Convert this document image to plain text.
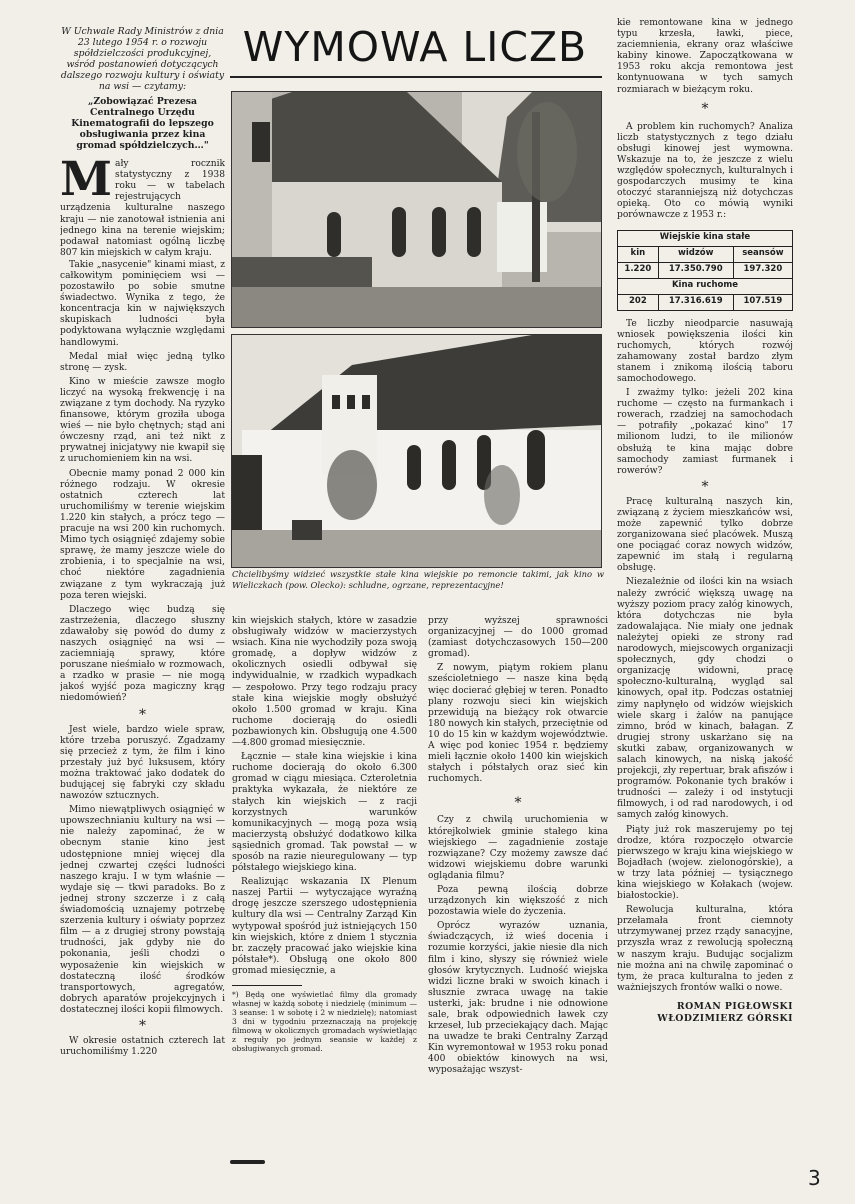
WYMOWA LICZB
W Uchwale Rady Ministrów z dnia 23 lutego 1954 r. o rozwoju spółdzielczości produkcyjnej, wśród postanowień dotyczących dalszego rozwoju kultury i oświaty na wsi — czytamy:
„Zobowiązać Prezesa Centralnego Urzędu Kinematografii do lepszego obsługiwania przez kina gromad spółdzielczych…"

Mały rocznik statystyczny z 1938 roku — w tabelach rejestrujących urządzenia kulturalne naszego kraju — nie zanotował istnienia ani jednego kina na terenie wiejskim; podawał natomiast ogólną liczbę 807 kin miejskich w całym kraju.

Takie „nasycenie" kinami miast, z całkowitym pominięciem wsi — pozostawiło po sobie smutne świadectwo. Wynika z tego, że koncentracja kin w największych skupiskach ludności była podyktowana wyłącznie względami handlowymi.

Medal miał więc jedną tylko stronę — zysk.

Kino w mieście zawsze mogło liczyć na wysoką frekwencję i na związane z tym dochody. Na ryzyko finansowe, którym groziła uboga wieś — nie było chętnych; stąd ani ówczesny rząd, ani też nikt z prywatnej inicjatywy nie kwapił się z uruchomieniem kin na wsi.

Obecnie mamy ponad 2 000 kin różnego rodzaju. W okresie ostatnich czterech lat uruchomiliśmy w terenie wiejskim 1.220 kin stałych, a prócz tego — pracuje na wsi 200 kin ruchomych. Mimo tych osiągnięć zdajemy sobie sprawę, że mamy jeszcze wiele do zrobienia, i to specjalnie na wsi, choć niektóre zagadnienia związane z tym wykraczają już poza teren wiejski.

Dlaczego więc budzą się zastrzeżenia, dlaczego słuszny zdawałoby się powód do dumy z naszych osiągnięć na wsi — zaciemniają sprawy, które poruszane nieśmiało w rozmowach, a rzadko w prasie — nie mogą jakoś wyjść poza magiczny krąg niedomówień?

*

Jest wiele, bardzo wiele spraw, które trzeba poruszyć. Zgadzamy się przecież z tym, że film i kino przestały już być luksusem, który można traktować jako dodatek do budującej się fabryki czy składu nawozów sztucznych.

Mimo niewątpliwych osiągnięć w upowszechnianiu kultury na wsi — nie należy zapominać, że w obecnym stanie kino jest udostępnione mniej więcej dla jednej czwartej części ludności naszego kraju. I w tym właśnie — wydaje się — tkwi paradoks. Bo z jednej strony szczerze i z całą świadomością uznajemy potrzebę szerzenia kultury i oświaty poprzez film — a z drugiej strony powstają trudności, jak gdyby nie do pokonania, jeśli chodzi o wyposażenie kin wiejskich w dostateczną ilość środków transportowych, agregatów, dobrych aparatów projekcyjnych i dostatecznej ilości kopii filmowych.

*

W okresie ostatnich czterech lat uruchomiliśmy 1.220

Chcielibyśmy widzieć wszystkie stałe kina wiejskie po remoncie takimi, jak kino w Wieliczkach (pow. Olecko): schludne, ogrzane, reprezentacyjne!

kin wiejskich stałych, które w zasadzie obsługiwały widzów w macierzystych wsiach. Kina nie wychodziły poza swoją gromadę, a dopływ widzów z okolicznych osiedli odbywał się indywidualnie, w rzadkich wypadkach — zespołowo. Przy tego rodzaju pracy stałe kina wiejskie mogły obsłużyć około 1.500 gromad w kraju. Kina ruchome docierają do osiedli pozbawionych kin. Obsługują one 4.500—4.800 gromad miesięcznie.

Łącznie — stałe kina wiejskie i kina ruchome docierają do około 6.300 gromad w ciągu miesiąca. Czteroletnia praktyka wykazała, że niektóre ze stałych kin wiejskich — z racji korzystnych warunków komunikacyjnych — mogą poza wsią macierzystą obsłużyć dodatkowo kilka sąsiednich gromad. Tak powstał — w sposób na razie nieuregulowany — typ półstałego wiejskiego kina.

Realizując wskazania IX Plenum naszej Partii — wytyczające wyraźną drogę jeszcze szerszego udostępnienia kultury dla wsi — Centralny Zarząd Kin wytypował spośród już istniejących 150 kin wiejskich, które z dniem 1 stycznia br. zaczęły pracować jako wiejskie kina półstałe*). Obsługą one około 800 gromad miesięcznie, a

*) Będą one wyświetlać filmy dla gromady własnej w każdą sobotę i niedzielę (minimum — 3 seanse: 1 w sobotę i 2 w niedzielę); natomiast 3 dni w tygodniu przeznaczają na projekcję filmową w okolicznych gromadach wyświetlając z reguły po jednym seansie w każdej z obsługiwanych gromad.

przy wyższej sprawności organizacyjnej — do 1000 gromad (zamiast dotychczasowych 150—200 gromad).

Z nowym, piątym rokiem planu sześcioletniego — nasze kina będą więc docierać głębiej w teren. Ponadto plany rozwoju sieci kin wiejskich przewidują na bieżący rok otwarcie 180 nowych kin stałych, przeciętnie od 10 do 15 kin w każdym województwie. A więc pod koniec 1954 r. będziemy mieli łącznie około 1400 kin wiejskich stałych i półstałych oraz sieć kin ruchomych.

*

Czy z chwilą uruchomienia w którejkolwiek gminie stałego kina wiejskiego — zagadnienie zostaje rozwiązane? Czy możemy zawsze dać widzowi wiejskiemu dobre warunki oglądania filmu?

Poza pewną ilością dobrze urządzonych kin większość z nich pozostawia wiele do życzenia.

Oprócz wyrazów uznania, świadczących, iż wieś docenia i rozumie korzyści, jakie niesie dla nich film i kino, słyszy się również wiele głosów krytycznych. Ludność wiejska widzi liczne braki w swoich kinach i słusznie zwraca uwagę na takie usterki, jak: brudne i nie odnowione sale, brak odpowiednich ławek czy krzeseł, lub przeciekający dach. Mając na uwadze te braki Centralny Zarząd Kin wyremontował w 1953 roku ponad 400 obiektów kinowych na wsi, wyposażając wszyst-

kie remontowane kina w jednego typu krzesła, ławki, piece, zaciemnienia, ekrany oraz właściwe kabiny kinowe. Zapoczątkowana w 1953 roku akcja remontowa jest kontynuowana w tych samych rozmiarach w bieżącym roku.

*

A problem kin ruchomych? Analiza liczb statystycznych z tego działu obsługi kinowej jest wymowna. Wskazuje na to, że jeszcze z wielu względów społecznych, kulturalnych i gospodarczych musimy te kina otoczyć staranniejszą niż dotychczas opieką. Oto co mówią wyniki porównawcze z 1953 r.:

Wiejskie kina stałe		
kin	widzów	seansów
1.220	17.350.790	197.320
Kina ruchome		
202	17.316.619	107.519

Te liczby nieodparcie nasuwają wniosek powiększenia ilości kin ruchomych, których rozwój zahamowany został bardzo złym stanem i znikomą ilością taboru samochodowego.

I zważmy tylko: jeżeli 202 kina ruchome — często na furmankach i rowerach, rzadziej na samochodach — potrafiły „pokazać kino" 17 milionom ludzi, to ile milionów obsłużą te kina mając dobre samochody zamiast furmanek i rowerów?

*

Pracę kulturalną naszych kin, związaną z życiem mieszkańców wsi, może zapewnić tylko dobrze zorganizowana sieć placówek. Muszą one pociągać coraz nowych widzów, zapewnić im stałą i regularną obsługę.

Niezależnie od ilości kin na wsiach należy zwrócić większą uwagę na wyższy poziom pracy załóg kinowych, która dotychczas nie była zadowalająca. Nie miały one jednak należytej opieki ze strony rad narodowych, miejscowych organizacji społecznych, gdy chodzi o organizację widowni, pracę społeczno-kulturalną, wygląd sal kinowych, opał itp. Podczas ostatniej zimy napłynęło od widzów wiejskich wiele skarg i żalów na panujące zimno, bród w kinach, bałagan. Z drugiej strony uskarżano się na skutki zabaw, organizowanych w salach kinowych, na niską jakość projekcji, zły repertuar, brak afiszów i programów. Pokonanie tych braków i trudności — zależy i od instytucji filmowych, i od rad narodowych, i od samych załóg kinowych.

Piąty już rok maszerujemy po tej drodze, która rozpoczęło otwarcie pierwszego w kraju kina wiejskiego w Bojadłach (wojew. zielonogórskie), a w trzy lata później — tysiącznego kina wiejskiego w Kołakach (wojew. białostockie).

Rewolucja kulturalna, która przełamała front ciemnoty utrzymywanej przez rządy sanacyjne, przyszła wraz z rewolucją społeczną w naszym kraju. Budując socjalizm nie można ani na chwilę zapominać o tym, że praca kulturalna to jeden z ważniejszych frontów walki o nowe.

ROMAN PIGŁOWSKI
WŁODZIMIERZ GÓRSKI
3
